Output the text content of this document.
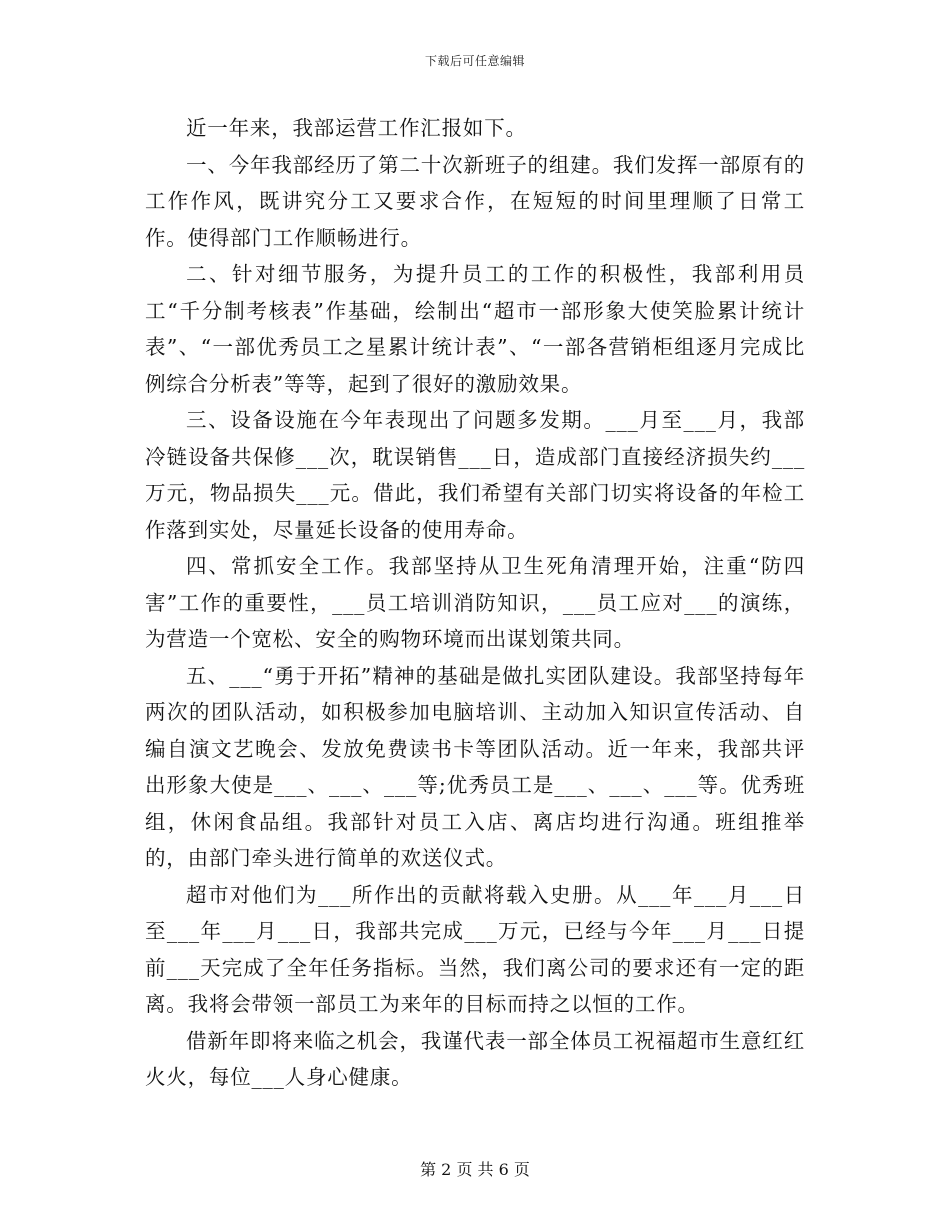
下载后可任意编辑

近一年来，我部运营工作汇报如下。

一、今年我部经历了第二十次新班子的组建。我们发挥一部原有的工作作风，既讲究分工又要求合作，在短短的时间里理顺了日常工作。使得部门工作顺畅进行。

二、针对细节服务，为提升员工的工作的积极性，我部利用员工“千分制考核表”作基础，绘制出“超市一部形象大使笑脸累计统计表”、“一部优秀员工之星累计统计表”、“一部各营销柜组逐月完成比例综合分析表”等等，起到了很好的激励效果。

三、设备设施在今年表现出了问题多发期。___月至___月，我部冷链设备共保修___次，耽误销售___日，造成部门直接经济损失约___万元，物品损失___元。借此，我们希望有关部门切实将设备的年检工作落到实处，尽量延长设备的使用寿命。

四、常抓安全工作。我部坚持从卫生死角清理开始，注重“防四害”工作的重要性，___员工培训消防知识，___员工应对___的演练，为营造一个宽松、安全的购物环境而出谋划策共同。

五、___“勇于开拓”精神的基础是做扎实团队建设。我部坚持每年两次的团队活动，如积极参加电脑培训、主动加入知识宣传活动、自编自演文艺晚会、发放免费读书卡等团队活动。近一年来，我部共评出形象大使是___、___、___等;优秀员工是___、___、___等。优秀班组，休闲食品组。我部针对员工入店、离店均进行沟通。班组推举的，由部门牵头进行简单的欢送仪式。

超市对他们为___所作出的贡献将载入史册。从___年___月___日至___年___月___日，我部共完成___万元，已经与今年___月___日提前___天完成了全年任务指标。当然，我们离公司的要求还有一定的距离。我将会带领一部员工为来年的目标而持之以恒的工作。

借新年即将来临之机会，我谨代表一部全体员工祝福超市生意红红火火，每位___人身心健康。

第 2 页 共 6 页
